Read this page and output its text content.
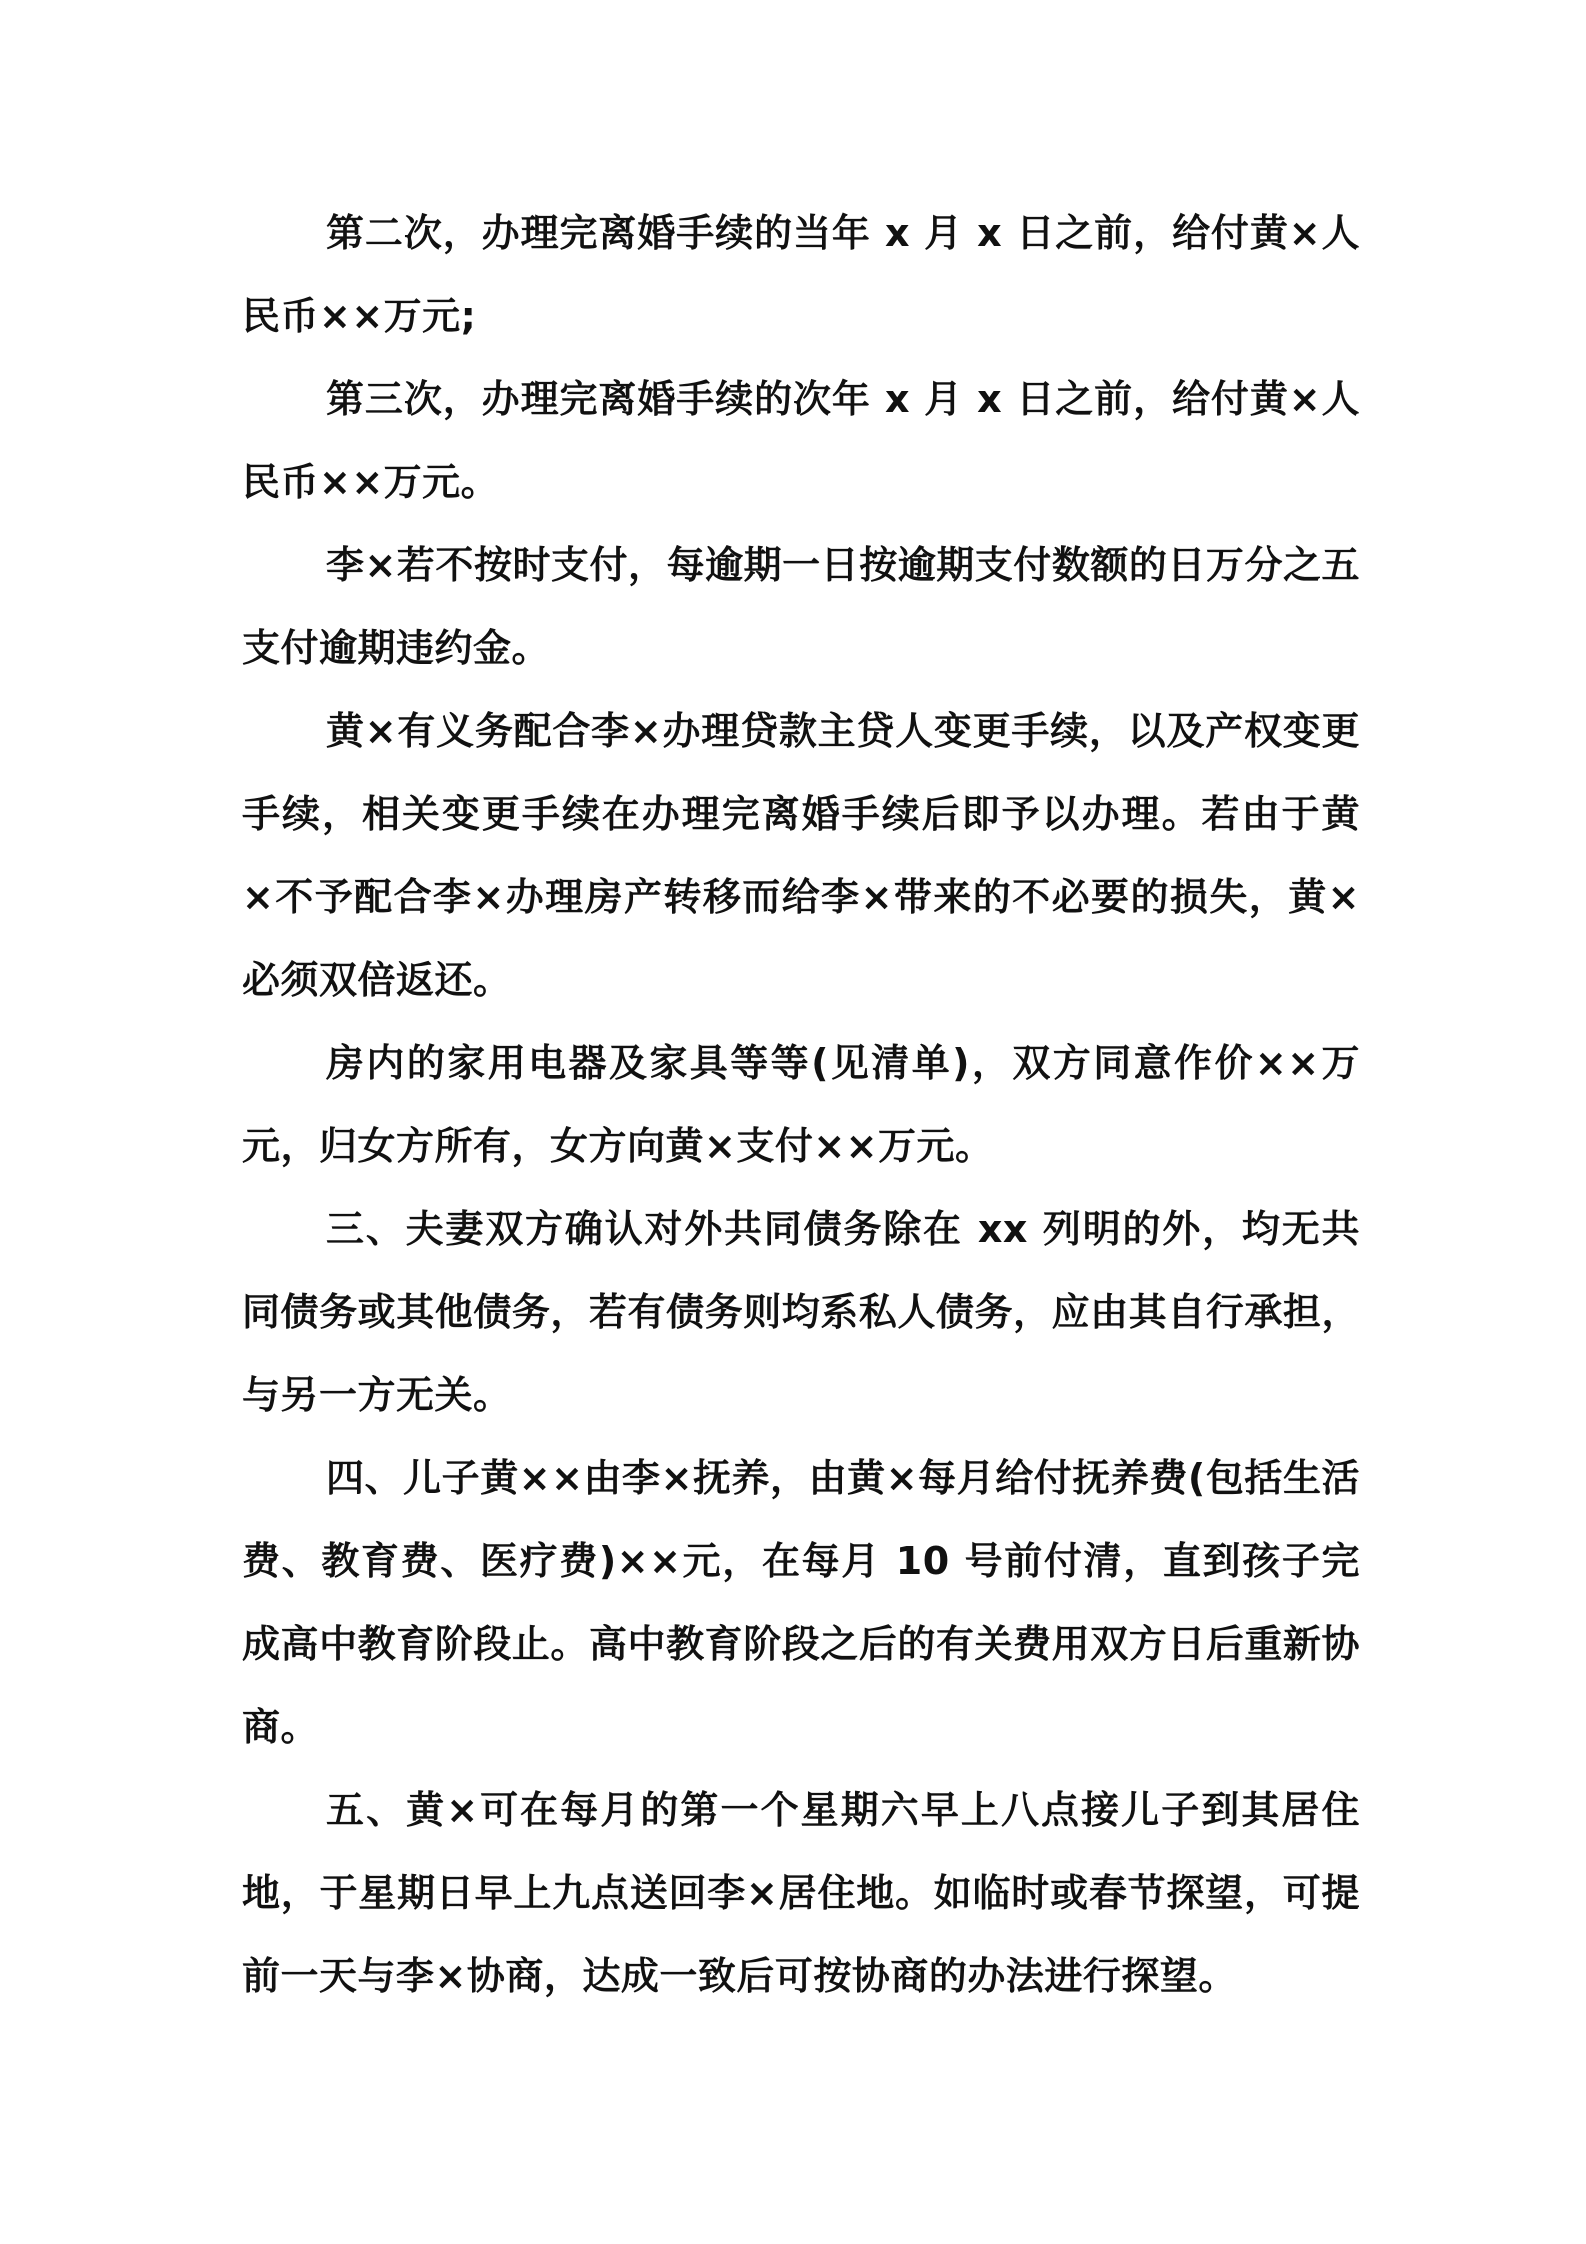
第二次，办理完离婚手续的当年 x 月 x 日之前，给付黄×人民币××万元;

第三次，办理完离婚手续的次年 x 月 x 日之前，给付黄×人民币××万元。

李×若不按时支付，每逾期一日按逾期支付数额的日万分之五支付逾期违约金。

黄×有义务配合李×办理贷款主贷人变更手续，以及产权变更手续，相关变更手续在办理完离婚手续后即予以办理。若由于黄　×不予配合李×办理房产转移而给李×带来的不必要的损失，黄×必须双倍返还。

房内的家用电器及家具等等(见清单)，双方同意作价××万元，归女方所有，女方向黄×支付××万元。

三、夫妻双方确认对外共同债务除在 xx 列明的外，均无共同债务或其他债务，若有债务则均系私人债务，应由其自行承担，与另一方无关。

四、儿子黄××由李×抚养，由黄×每月给付抚养费(包括生活费、教育费、医疗费)××元，在每月 10 号前付清，直到孩子完成高中教育阶段止。高中教育阶段之后的有关费用双方日后重新协商。

五、黄×可在每月的第一个星期六早上八点接儿子到其居住地，于星期日早上九点送回李×居住地。如临时或春节探望，可提前一天与李×协商，达成一致后可按协商的办法进行探望。
